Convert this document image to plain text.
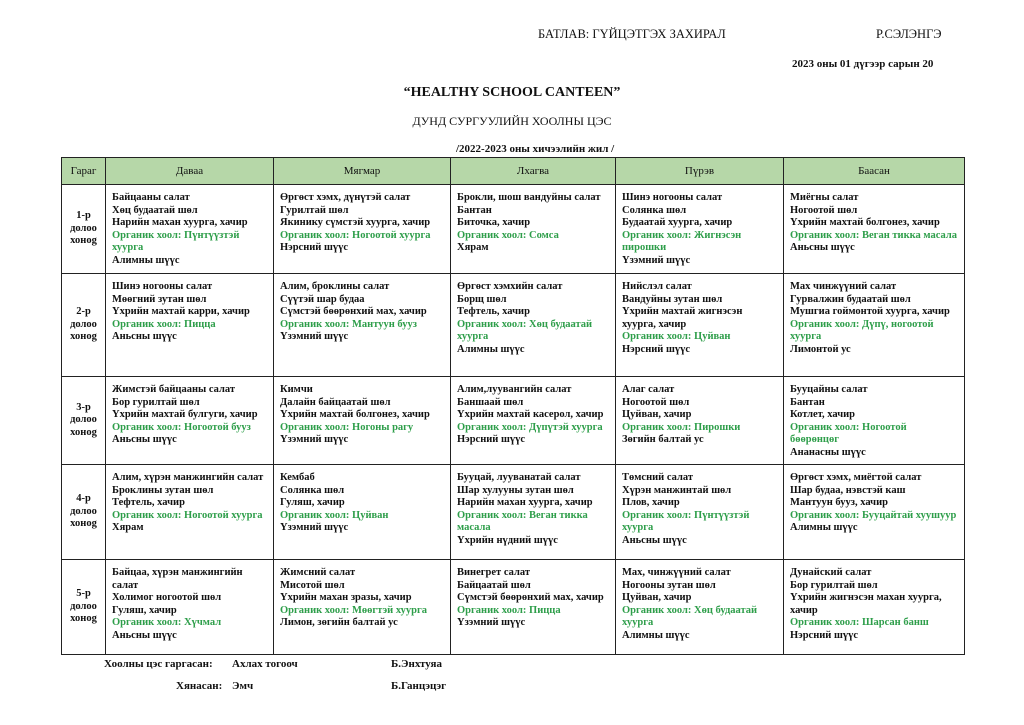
БАТЛАВ: ГҮЙЦЭТГЭХ ЗАХИРАЛ	Р.СЭЛЭНГЭ
2023 оны 01 дүгээр сарын 20
“HEALTHY SCHOOL CANTEEN”
ДУНД СУРГУУЛИЙН ХООЛНЫ ЦЭС
/2022-2023 оны хичээлийн жил /
Гараг	Даваа	Мягмар	Лхагва	Пүрэв	Баасан
1-р долоо хонog	Байцааны салат
Хөц будаатай шөл
Нарийн махан хуурга, хачир
Органик хоол: Пүнтүүзтэй хуурга
Алимны шүүс	Өргөст хэмх, дүнүтэй салат
Гурилтай шөл
Якинику сүмстэй хуурга, хачир
Органик хоол: Ногоотой хуурга
Нэрсний шүүс	Брокли, шош вандуйны салат
Бантан
Биточка, хачир
Органик хоол: Сомса
Хярам	Шинэ ногооны салат
Солянка шөл
Будаатай хуурга, хачир
Органик хоол: Жигнэсэн пирошки
Үзэмний шүүс	Миёгны салат
Ногоотой шөл
Үхрийн махтай болгонез, хачир
Органик хоол: Веган тикка масала
Аньсны шүүс

2-р долоо хонog	Шинэ ногооны салат
Мөөгний зутан шөл
Үхрийн махтай карри, хачир
Органик хоол: Пицца
Аньсны шүүс	Алим, броклины салат
Сүүтэй шар будаа
Сүмстэй бөөрөнхий мах, хачир
Органик хоол: Мантуун бууз
Үзэмний шүүс	Өргөст хэмхийн салат
Борщ шөл
Тефтель, хачир
Органик хоол: Хөц будаатай хуурга
Алимны шүүс	Нийслэл салат
Вандуйны зутан шөл
Үхрийн махтай жигнэсэн хуурга, хачир
Органик хоол: Цуйван
Нэрсний шүүс	Мах чинжүүний салат
Гурвалжин будаатай шөл
Мушгиа гоймонтой хуурга, хачир
Органик хоол: Дүпү, ногоотой хуурга
Лимонтой ус

3-р долоо хонog	Жимстэй байцааны салат
Бор гурилтай шөл
Үхрийн махтай булгуги, хачир
Органик хоол: Ногоотой бууз
Аньсны шүүс	Кимчи
Далайн байцаатай шөл
Үхрийн махтай болгонез, хачир
Органик хоол: Ногоны рагу
Үзэмний шүүс	Алим,луувангийн салат
Баншаай шөл
Үхрийн махтай касерол, хачир
Органик хоол: Дүпүтэй хуурга
Нэрсний шүүс	Алаг салат
Ногоотой шөл
Цуйван, хачир
Органик хоол: Пирошки
Зөгийн балтай ус	Бууцайны салат
Бантан
Котлет, хачир
Органик хоол: Ногоотой бөөрөнцөг
Ананасны шүүс

4-р долоо хонog	Алим, хүрэн манжингийн салат
Броклины зутан шөл
Тефтель, хачир
Органик хоол: Ногоотой хуурга
Хярам	Кембаб
Солянка шөл
Гуляш, хачир
Органик хоол: Цуйван
Үзэмний шүүс	Бууцай, лууванатай салат
Шар хулууны зутан шөл
Нарийн махан хуурга, хачир
Органик хоол: Веган тикка масала
Үхрийн нүдний шүүс	Төмсний салат
Хүрэн манжинтай шөл
Плов, хачир
Органик хоол: Пүнтүүзтэй хуурга
Аньсны шүүс	Өргөст хэмх, миёгтой салат
Шар будаа, нэвстэй каш
Мантуун бууз, хачир
Органик хоол: Бууцайтай хуушуур
Алимны шүүс

5-р долоо хонog	Байцаа, хүрэн манжингийн салат
Холимог ногоотой шөл
Гуляш, хачир
Органик хоол: Хүчмал
Аньсны шүүс	Жимсний салат
Мисотой шөл
Үхрийн махан зразы, хачир
Органик хоол: Мөөгтэй хуурга
Лимон, зөгийн балтай ус	Винегрет салат
Байцаатай шөл
Сүмстэй бөөрөнхий мах, хачир
Органик хоол: Пицца
Үзэмний шүүс	Мах, чинжүүний салат
Ногооны зутан шөл
Цуйван, хачир
Органик хоол: Хөц будаатай хуурга
Алимны шүүс	Дунайский салат
Бор гурилтай шөл
Үхрийн жигнэсэн махан хуурга, хачир
Органик хоол: Шарсан банш
Нэрсний шүүс
Хоолны цэс гаргасан: Ахлах тогооч	Б.Энхтуяа
Хянасан: Эмч	Б.Ганцэцэг
